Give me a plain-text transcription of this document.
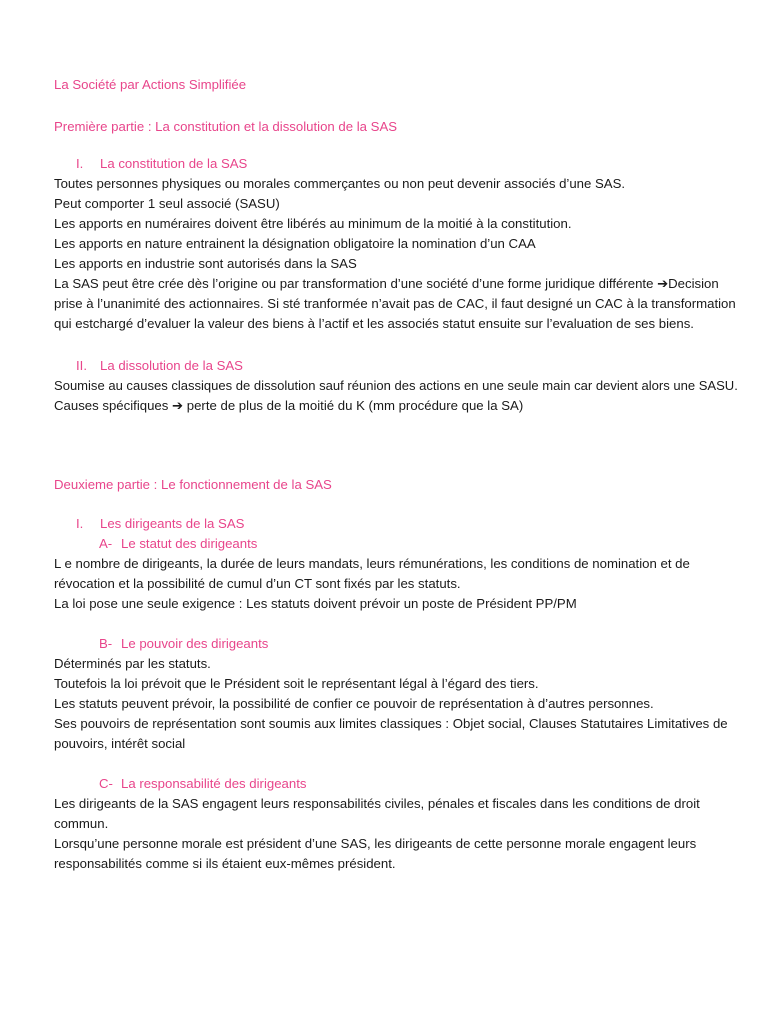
La Société par Actions Simplifiée
Première partie : La constitution et la dissolution de la SAS
I. La constitution de la SAS
Toutes personnes physiques ou morales commerçantes ou non peut devenir associés d’une SAS.
Peut comporter 1 seul associé (SASU)
Les apports en numéraires doivent être libérés au minimum de la moitié à la constitution.
Les apports en nature entrainent la désignation obligatoire la nomination d’un CAA
Les apports en industrie sont autorisés dans la SAS
La SAS peut être crée dès l’origine ou par transformation d’une société d’une forme juridique différente ➔Decision
prise à l’unanimité des actionnaires. Si sté tranformée n’avait pas de CAC, il faut designé un CAC à la transformation
qui estchargé d’evaluer la valeur des biens à l’actif et les associés statut ensuite sur l’evaluation de ses biens.
II. La dissolution de la SAS
Soumise au causes classiques de dissolution sauf réunion des actions en une seule main car devient alors une SASU.
Causes spécifiques ➔ perte de plus de la moitié du K (mm procédure que la SA)
Deuxieme partie : Le fonctionnement de la SAS
I. Les dirigeants de la SAS
A- Le statut des dirigeants
L e nombre de dirigeants, la durée de leurs mandats, leurs rémunérations, les conditions de nomination et de
révocation et la possibilité de cumul d’un CT sont fixés par les statuts.
La loi pose une seule exigence : Les statuts doivent prévoir un poste de Président PP/PM
B- Le pouvoir des dirigeants
Déterminés par les statuts.
Toutefois la loi prévoit que le Président soit le représentant légal à l’égard des tiers.
Les statuts peuvent prévoir, la possibilité de confier ce pouvoir de représentation à d’autres personnes.
Ses pouvoirs de représentation sont soumis aux limites classiques : Objet social, Clauses Statutaires Limitatives de
pouvoirs, intérêt social
C- La responsabilité des dirigeants
Les dirigeants de la SAS engagent leurs responsabilités civiles, pénales et fiscales dans les conditions de droit
commun.
Lorsqu’une personne morale est président d’une SAS, les dirigeants de cette personne morale engagent leurs
responsabilités comme si ils étaient eux-mêmes président.
